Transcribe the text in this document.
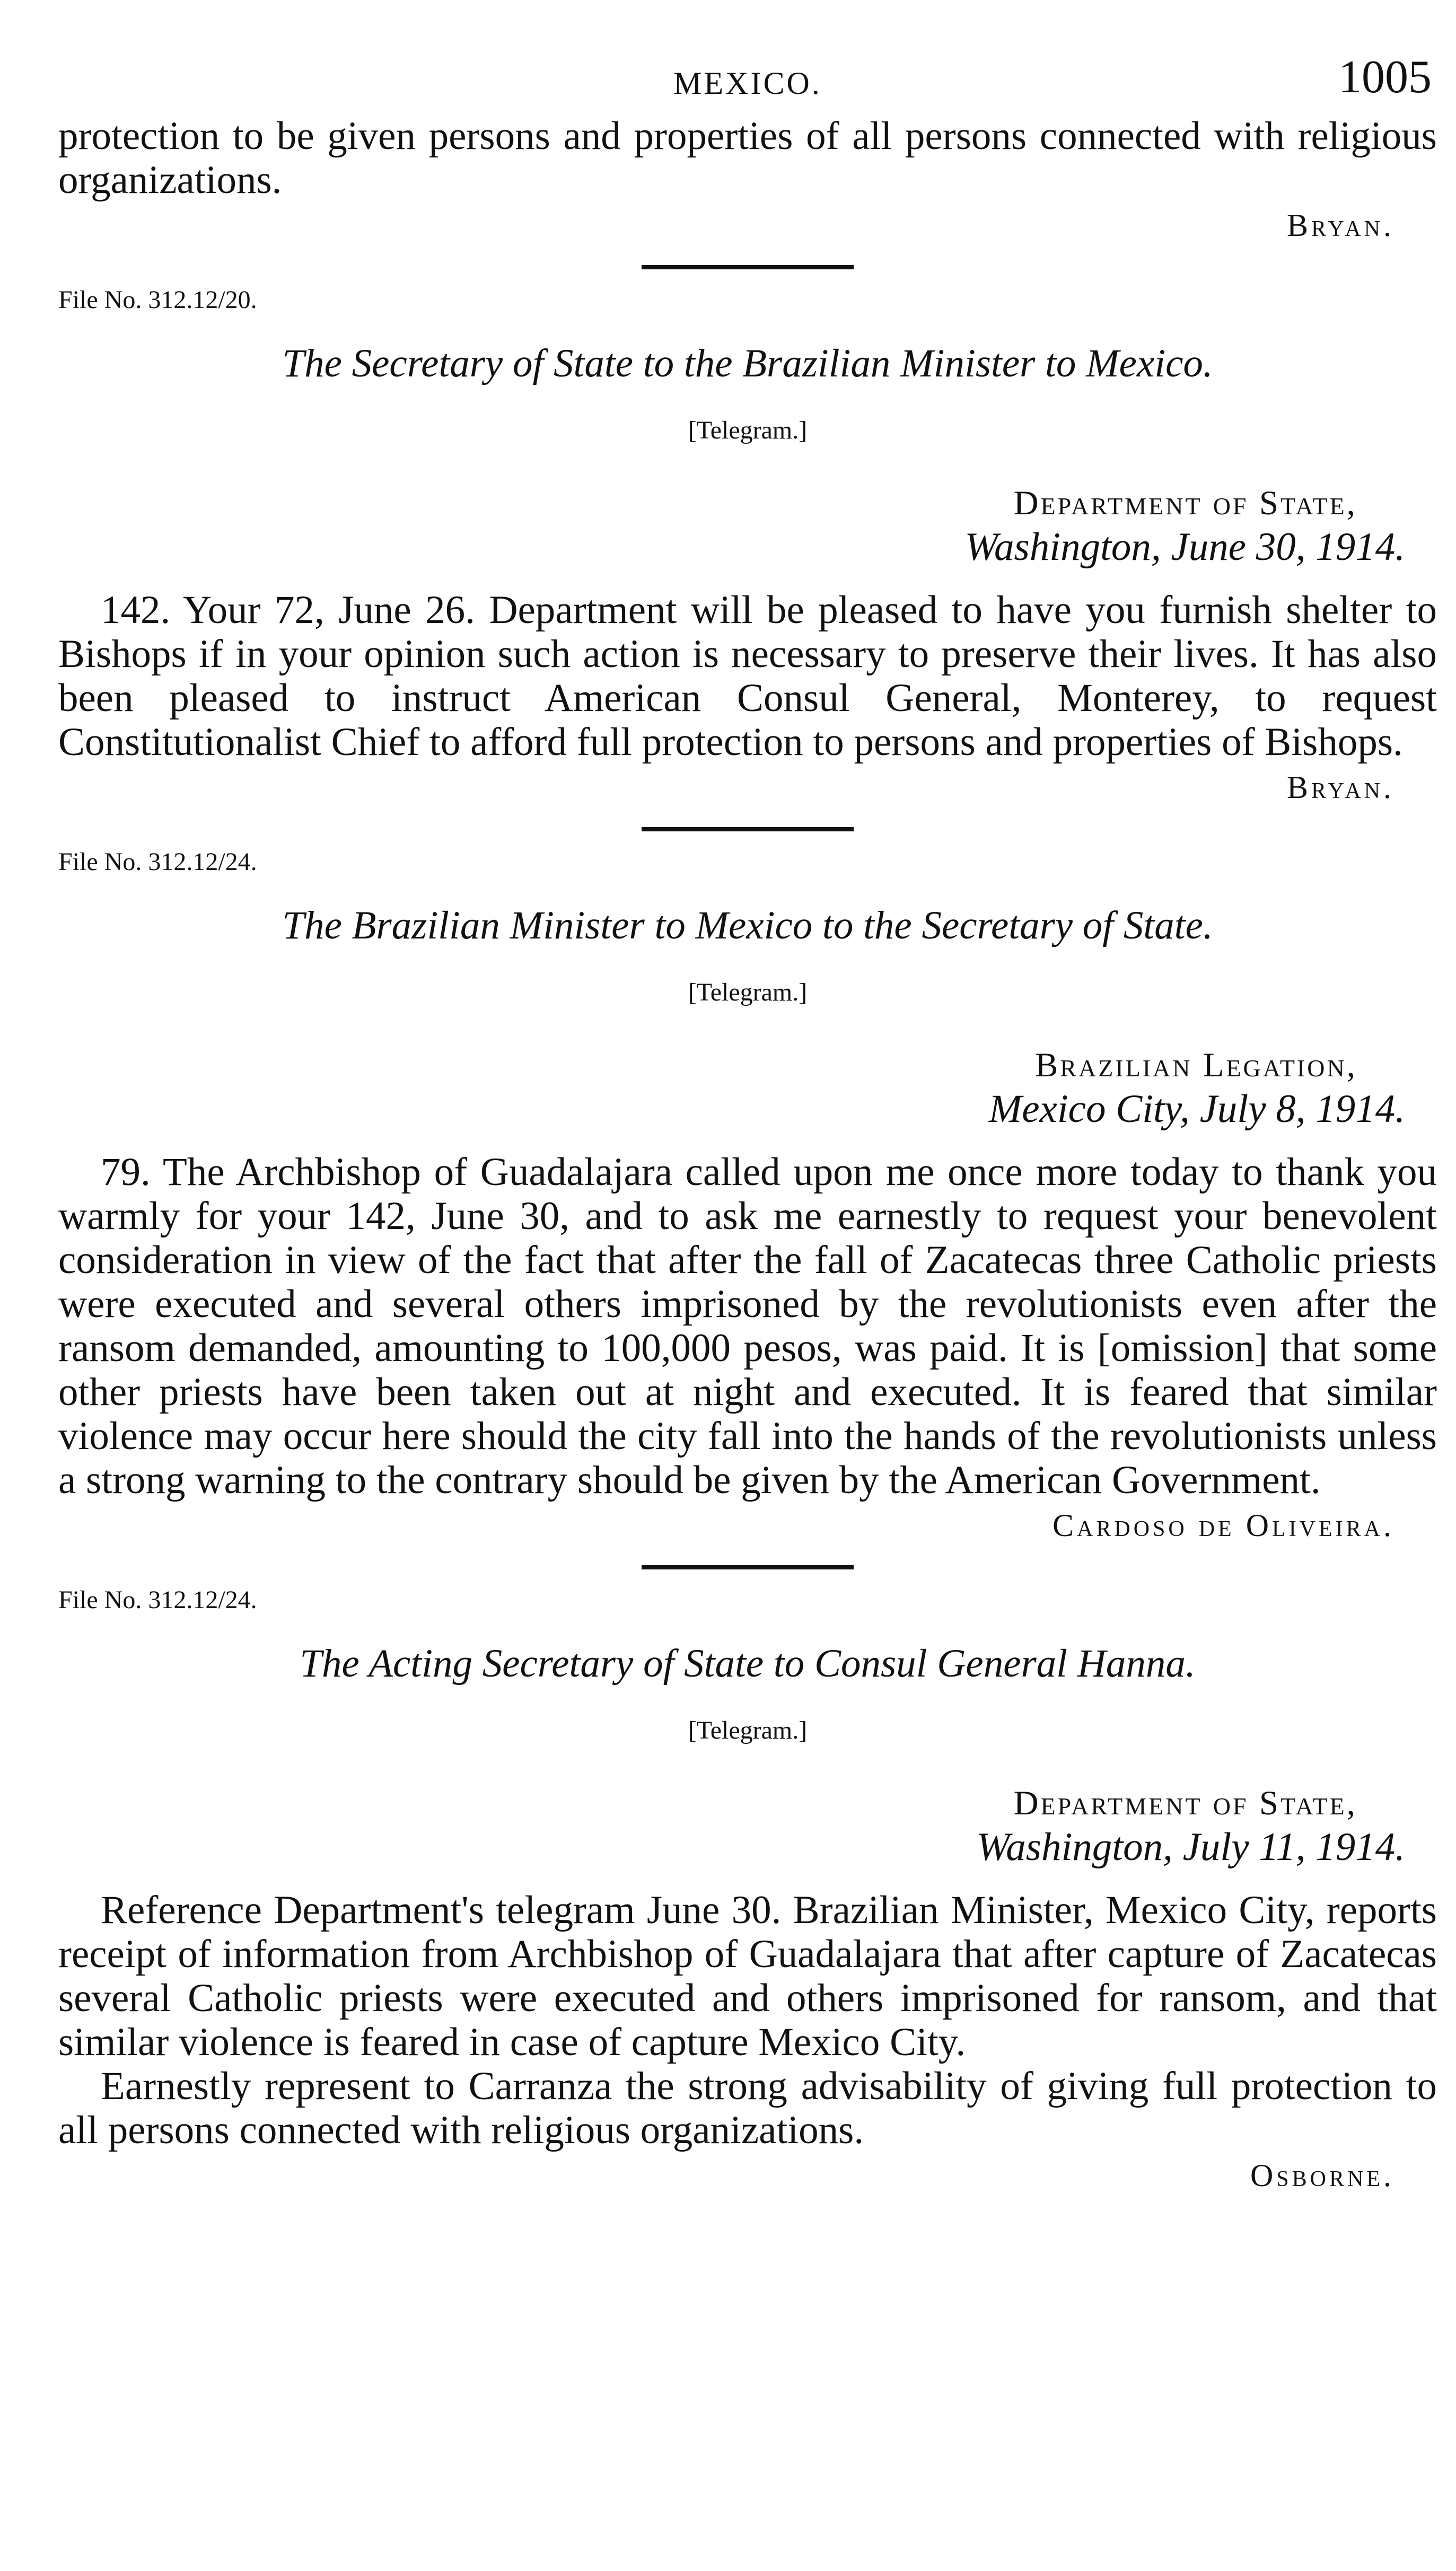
MEXICO.	1005

protection to be given persons and properties of all persons connected with religious organizations.

Bryan.
File No. 312.12/20.
The Secretary of State to the Brazilian Minister to Mexico.
[Telegram.]
Department of State,
Washington, June 30, 1914.

142. Your 72, June 26. Department will be pleased to have you furnish shelter to Bishops if in your opinion such action is necessary to preserve their lives. It has also been pleased to instruct American Consul General, Monterey, to request Constitutionalist Chief to afford full protection to persons and properties of Bishops.

Bryan.
File No. 312.12/24.
The Brazilian Minister to Mexico to the Secretary of State.
[Telegram.]
Brazilian Legation,
Mexico City, July 8, 1914.

79. The Archbishop of Guadalajara called upon me once more today to thank you warmly for your 142, June 30, and to ask me earnestly to request your benevolent consideration in view of the fact that after the fall of Zacatecas three Catholic priests were executed and several others imprisoned by the revolutionists even after the ransom demanded, amounting to 100,000 pesos, was paid. It is [omission] that some other priests have been taken out at night and executed. It is feared that similar violence may occur here should the city fall into the hands of the revolutionists unless a strong warning to the contrary should be given by the American Government.

Cardoso de Oliveira.
File No. 312.12/24.
The Acting Secretary of State to Consul General Hanna.
[Telegram.]
Department of State,
Washington, July 11, 1914.

Reference Department's telegram June 30. Brazilian Minister, Mexico City, reports receipt of information from Archbishop of Guadalajara that after capture of Zacatecas several Catholic priests were executed and others imprisoned for ransom, and that similar violence is feared in case of capture Mexico City.

Earnestly represent to Carranza the strong advisability of giving full protection to all persons connected with religious organizations.

Osborne.
